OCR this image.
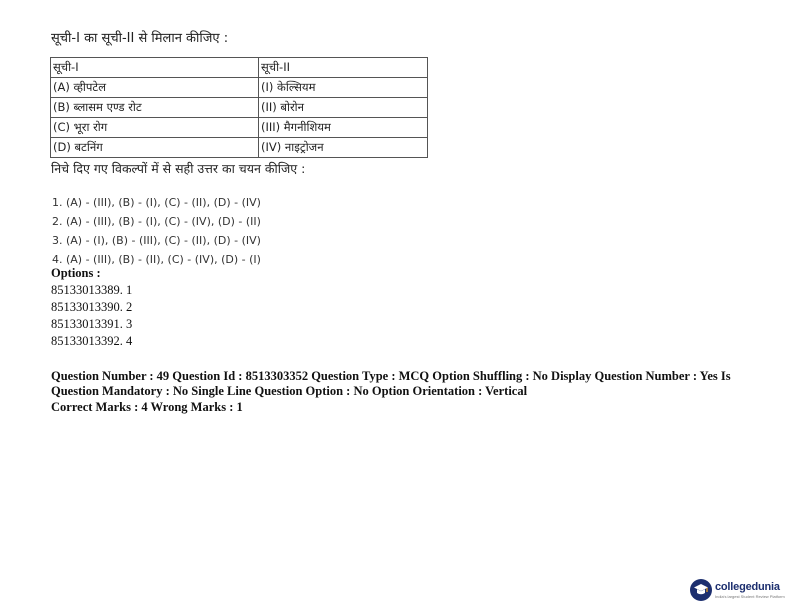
सूची-I का सूची-II से मिलान कीजिए :
सूची-I	सूची-II
(A) व्हीपटेल	(I) केल्सियम
(B) ब्लासम एण्ड रोट	(II) बोरोन
(C) भूरा रोग	(III) मैगनीशियम
(D) बटनिंग	(IV) नाइट्रोजन
निचे दिए गए विकल्पों में से सही उत्तर का चयन कीजिए :
1. (A) - (III), (B) - (I), (C) - (II), (D) - (IV)
2. (A) - (III), (B) - (I), (C) - (IV), (D) - (II)
3. (A) - (I), (B) - (III), (C) - (II), (D) - (IV)
4. (A) - (III), (B) - (II), (C) - (IV), (D) - (I)
Options :
85133013389. 1
85133013390. 2
85133013391. 3
85133013392. 4
Question Number : 49 Question Id : 8513303352 Question Type : MCQ Option Shuffling : No Display Question Number : Yes Is Question Mandatory : No Single Line Question Option : No Option Orientation : Vertical
Correct Marks : 4 Wrong Marks : 1
collegedunia
India's largest Student Review Platform
